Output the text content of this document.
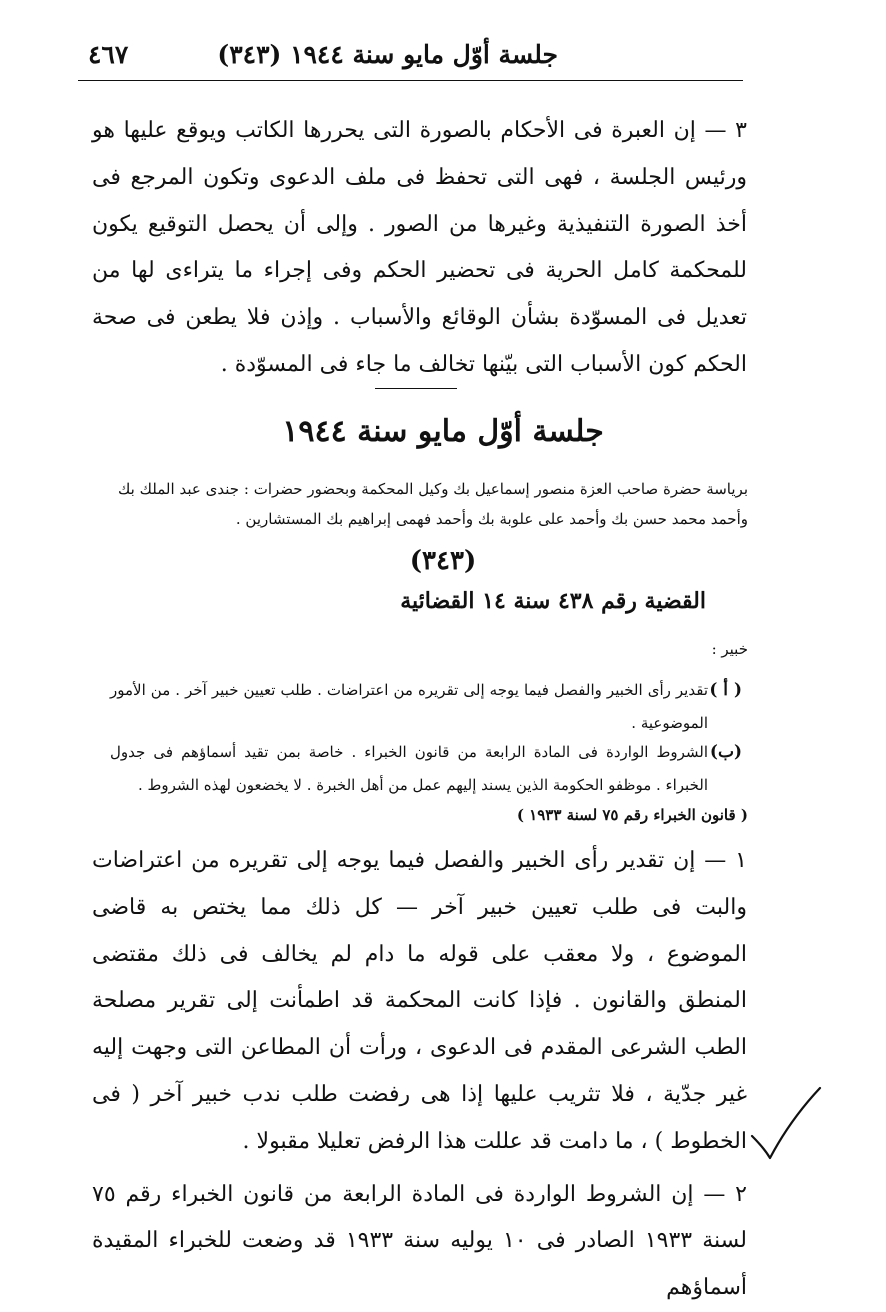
جلسة أوّل مايو سنة ١٩٤٤ (٣٤٣)
٤٦٧

٣ — إن العبرة فى الأحكام بالصورة التى يحررها الكاتب ويوقع عليها هو ورئيس الجلسة ، فهى التى تحفظ فى ملف الدعوى وتكون المرجع فى أخذ الصورة التنفيذية وغيرها من الصور . وإلى أن يحصل التوقيع يكون للمحكمة كامل الحرية فى تحضير الحكم وفى إجراء ما يتراءى لها من تعديل فى المسوّدة بشأن الوقائع والأسباب . وإذن فلا يطعن فى صحة الحكم كون الأسباب التى بيّنها تخالف ما جاء فى المسوّدة .

جلسة أوّل مايو سنة ١٩٤٤

برياسة حضرة صاحب العزة منصور إسماعيل بك وكيل المحكمة وبحضور حضرات : جندى عبد الملك بك وأحمد محمد حسن بك وأحمد على علوبة بك وأحمد فهمى إبراهيم بك المستشارين .

(٣٤٣)
القضية رقم ٤٣٨ سنة ١٤ القضائية
خبير :
( أ )

تقدير رأى الخبير والفصل فيما يوجه إلى تقريره من اعتراضات . طلب تعيين خبير آخر . من الأمور الموضوعية .

(ب)

الشروط الواردة فى المادة الرابعة من قانون الخبراء . خاصة بمن تقيد أسماؤهم فى جدول الخبراء . موظفو الحكومة الذين يسند إليهم عمل من أهل الخبرة . لا يخضعون لهذه الشروط .

( قانون الخبراء رقم ٧٥ لسنة ١٩٣٣ )

١ — إن تقدير رأى الخبير والفصل فيما يوجه إلى تقريره من اعتراضات والبت فى طلب تعيين خبير آخر — كل ذلك مما يختص به قاضى الموضوع ، ولا معقب على قوله ما دام لم يخالف فى ذلك مقتضى المنطق والقانون . فإذا كانت المحكمة قد اطمأنت إلى تقرير مصلحة الطب الشرعى المقدم فى الدعوى ، ورأت أن المطاعن التى وجهت إليه غير جدّية ، فلا تثريب عليها إذا هى رفضت طلب ندب خبير آخر ( فى الخطوط ) ، ما دامت قد عللت هذا الرفض تعليلا مقبولا .

٢ — إن الشروط الواردة فى المادة الرابعة من قانون الخبراء رقم ٧٥ لسنة ١٩٣٣ الصادر فى ١٠ يوليه سنة ١٩٣٣ قد وضعت للخبراء المقيدة أسماؤهم
